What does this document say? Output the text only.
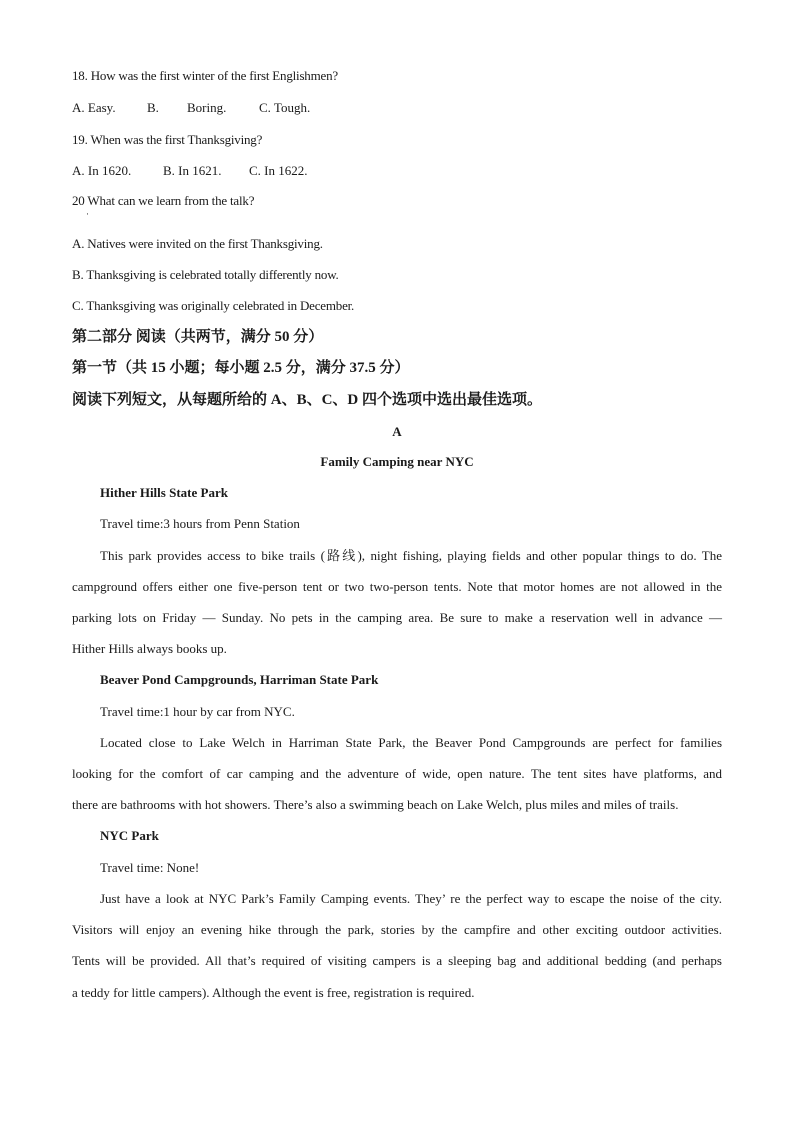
18. How was the first winter of the first Englishmen?
A. Easy. B. Boring.	C. Tough.
19. When was the first Thanksgiving?
A. In 1620. B. In 1621. C. In 1622.
20 What can we learn from the talk?
·
A. Natives were invited on the first Thanksgiving.
B. Thanksgiving is celebrated totally differently now.
C. Thanksgiving was originally celebrated in December.
第二部分 阅读（共两节，满分 50 分）
第一节（共 15 小题；每小题 2.5 分，满分 37.5 分）
阅读下列短文，从每题所给的 A、B、C、D 四个选项中选出最佳选项。
A
Family Camping near NYC
Hither Hills State Park
Travel time:3 hours from Penn Station
This park provides access to bike trails (路线), night fishing, playing fields and other popular things to do. The
campground offers either one five-person tent or two two-person tents. Note that motor homes are not allowed in the
parking lots on Friday — Sunday. No pets in the camping area. Be sure to make a reservation well in advance —
Hither Hills always books up.
Beaver Pond Campgrounds, Harriman State Park
Travel time:1 hour by car from NYC.
Located close to Lake Welch in Harriman State Park, the Beaver Pond Campgrounds are perfect for families
looking for the comfort of car camping and the adventure of wide, open nature. The tent sites have platforms, and
there are bathrooms with hot showers. There’s also a swimming beach on Lake Welch, plus miles and miles of trails.
NYC Park
Travel time: None!
Just have a look at NYC Park’s Family Camping events. They’ re the perfect way to escape the noise of the city.
Visitors will enjoy an evening hike through the park, stories by the campfire and other exciting outdoor activities.
Tents will be provided. All that’s required of visiting campers is a sleeping bag and additional bedding (and perhaps
a teddy for little campers). Although the event is free, registration is required.
